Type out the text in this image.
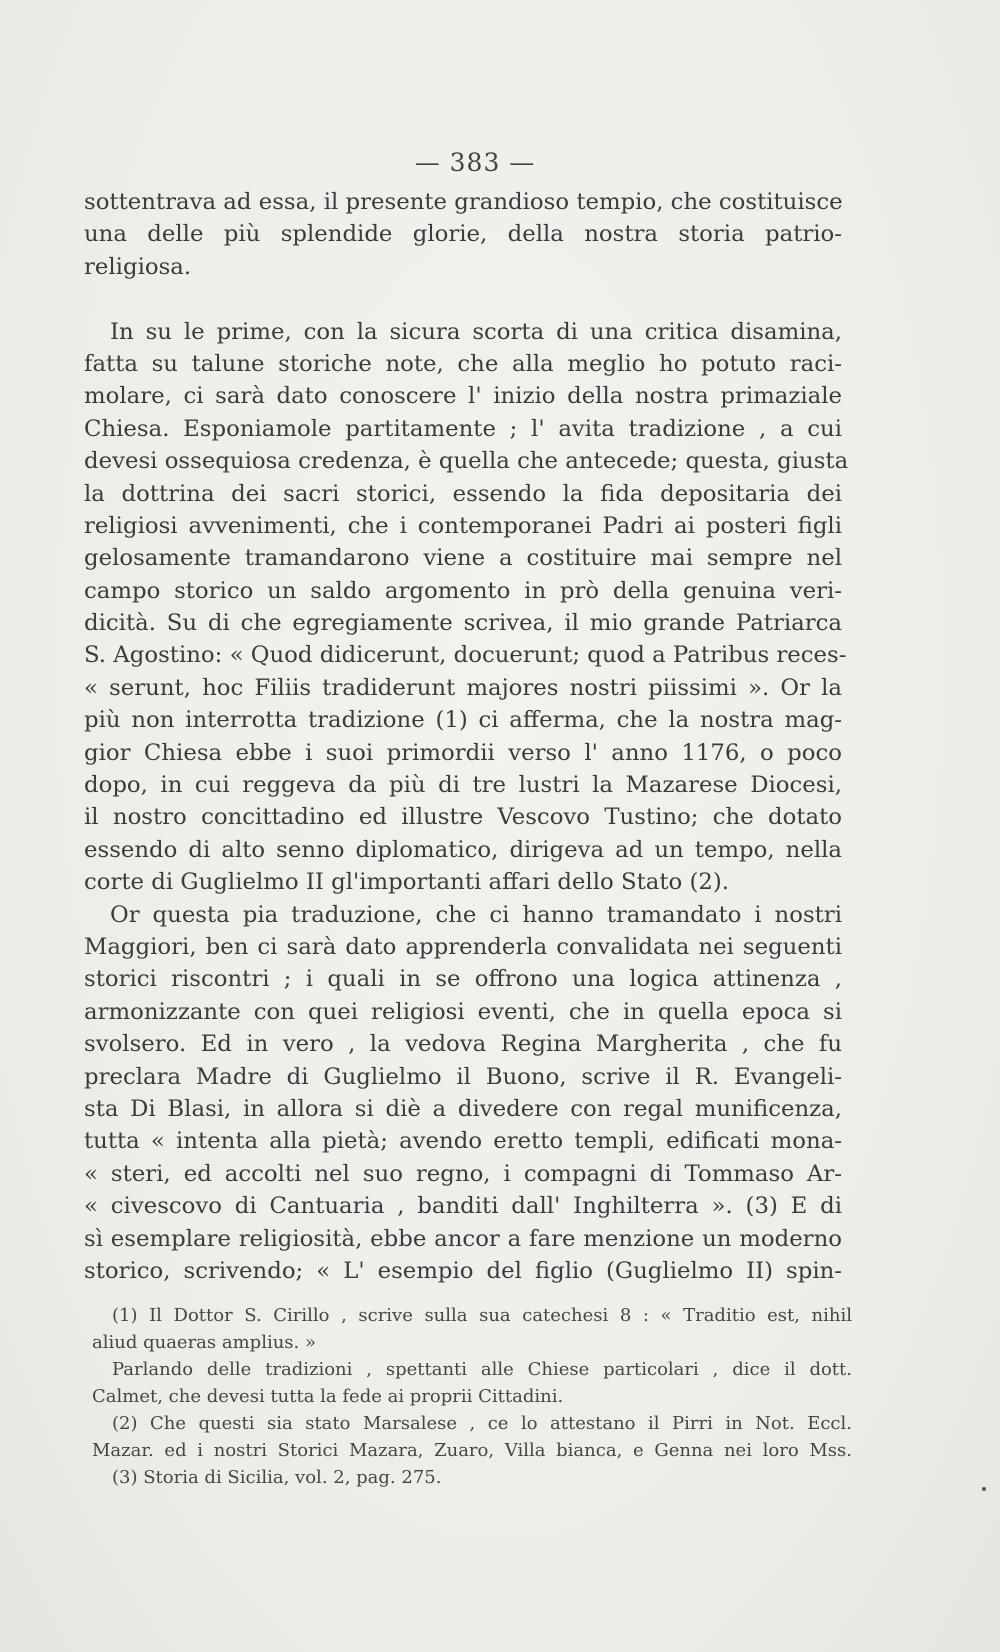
— 383 —
sottentrava ad essa, il presente grandioso tempio, che costituisce
una delle più splendide glorie, della nostra storia patrio-
religiosa.
In su le prime, con la sicura scorta di una critica disamina,
fatta su talune storiche note, che alla meglio ho potuto raci-
molare, ci sarà dato conoscere l' inizio della nostra primaziale
Chiesa. Esponiamole partitamente ; l' avita tradizione , a cui
devesi ossequiosa credenza, è quella che antecede; questa, giusta
la dottrina dei sacri storici, essendo la fida depositaria dei
religiosi avvenimenti, che i contemporanei Padri ai posteri figli
gelosamente tramandarono viene a costituire mai sempre nel
campo storico un saldo argomento in prò della genuina veri-
dicità. Su di che egregiamente scrivea, il mio grande Patriarca
S. Agostino: « Quod didicerunt, docuerunt; quod a Patribus reces-
« serunt, hoc Filiis tradiderunt majores nostri piissimi ». Or la
più non interrotta tradizione (1) ci afferma, che la nostra mag-
gior Chiesa ebbe i suoi primordii verso l' anno 1176, o poco
dopo, in cui reggeva da più di tre lustri la Mazarese Diocesi,
il nostro concittadino ed illustre Vescovo Tustino; che dotato
essendo di alto senno diplomatico, dirigeva ad un tempo, nella
corte di Guglielmo II gl'importanti affari dello Stato (2).
Or questa pia traduzione, che ci hanno tramandato i nostri
Maggiori, ben ci sarà dato apprenderla convalidata nei seguenti
storici riscontri ; i quali in se offrono una logica attinenza ,
armonizzante con quei religiosi eventi, che in quella epoca si
svolsero. Ed in vero , la vedova Regina Margherita , che fu
preclara Madre di Guglielmo il Buono, scrive il R. Evangeli-
sta Di Blasi, in allora si diè a divedere con regal munificenza,
tutta « intenta alla pietà; avendo eretto templi, edificati mona-
« steri, ed accolti nel suo regno, i compagni di Tommaso Ar-
« civescovo di Cantuaria , banditi dall' Inghilterra ». (3) E di
sì esemplare religiosità, ebbe ancor a fare menzione un moderno
storico, scrivendo; « L' esempio del figlio (Guglielmo II) spin-
(1) Il Dottor S. Cirillo , scrive sulla sua catechesi 8 : « Traditio est, nihil
aliud quaeras amplius. »
Parlando delle tradizioni , spettanti alle Chiese particolari , dice il dott.
Calmet, che devesi tutta la fede ai proprii Cittadini.
(2) Che questi sia stato Marsalese , ce lo attestano il Pirri in Not. Eccl.
Mazar. ed i nostri Storici Mazara, Zuaro, Villa bianca, e Genna nei loro Mss.
(3) Storia di Sicilia, vol. 2, pag. 275.
